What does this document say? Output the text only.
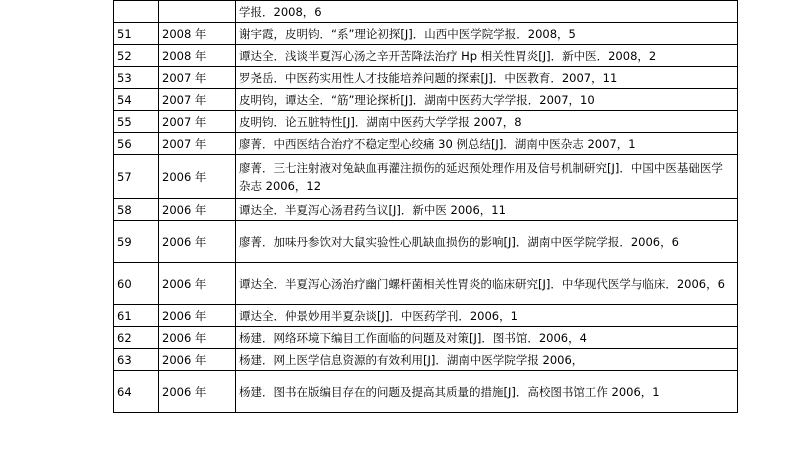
		学报．2008，6
51	2008 年	谢宇霞，皮明钧．“系”理论初探[J]．山西中医学院学报．2008，5
52	2008 年	谭达全．浅谈半夏泻心汤之辛开苦降法治疗 Hp 相关性胃炎[J]．新中医．2008，2
53	2007 年	罗尧岳．中医药实用性人才技能培养问题的探索[J]．中医教育．2007，11
54	2007 年	皮明钧，谭达全．“筋”理论探析[J]．湖南中医药大学学报．2007，10
55	2007 年	皮明钧．论五脏特性[J]．湖南中医药大学学报 2007，8
56	2007 年	廖菁．中西医结合治疗不稳定型心绞痛 30 例总结[J]．湖南中医杂志 2007，1
57	2006 年	廖菁．三七注射液对兔缺血再灌注损伤的延迟预处理作用及信号机制研究[J]．中国中医基础医学杂志 2006，12
58	2006 年	谭达全．半夏泻心汤君药刍议[J]．新中医 2006，11
59	2006 年	廖菁．加味丹参饮对大鼠实验性心肌缺血损伤的影响[J]．湖南中医学院学报．2006，6
60	2006 年	谭达全．半夏泻心汤治疗幽门螺杆菌相关性胃炎的临床研究[J]．中华现代医学与临床．2006，6
61	2006 年	谭达全．仲景妙用半夏杂谈[J]．中医药学刊．2006，1
62	2006 年	杨建．网络环境下编目工作面临的问题及对策[J]．图书馆．2006，4
63	2006 年	杨建．网上医学信息资源的有效利用[J]．湖南中医学院学报 2006，
64	2006 年	杨建．图书在版编目存在的问题及提高其质量的措施[J]．高校图书馆工作 2006，1
